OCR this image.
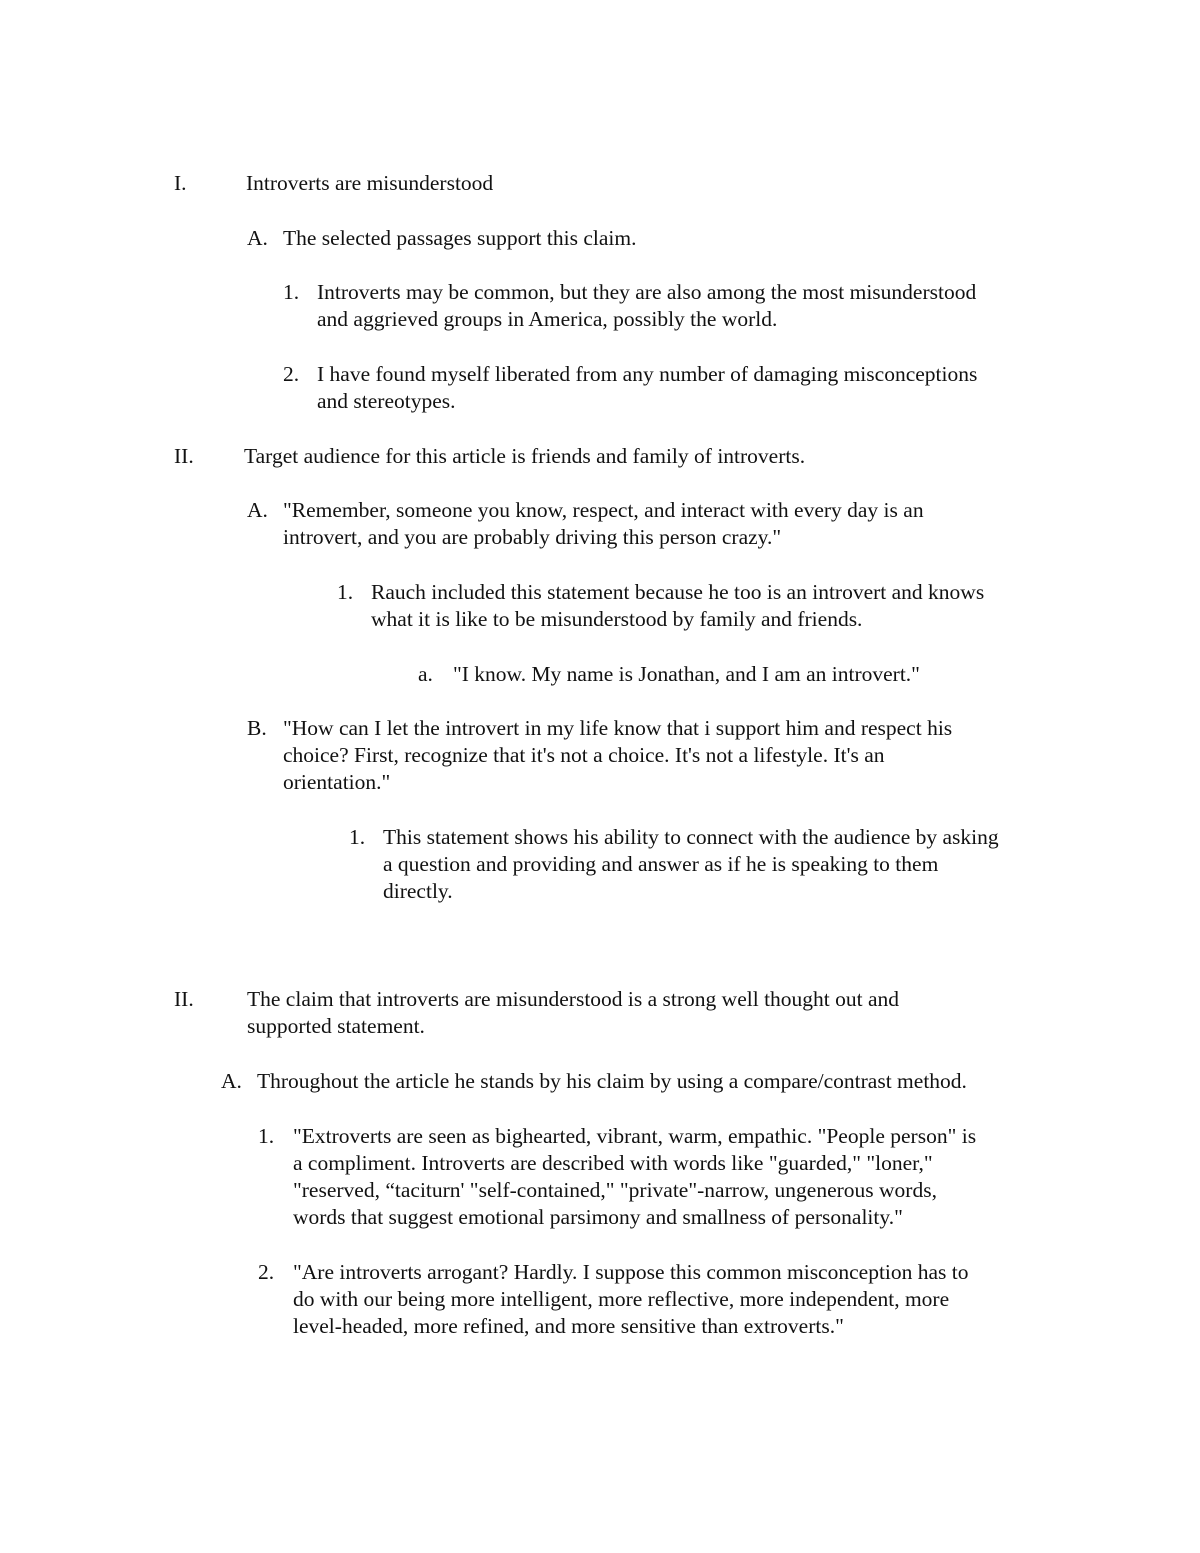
I.	Introverts are misunderstood
A. The selected passages support this claim.
1. Introverts may be common, but they are also among the most misunderstood
and aggrieved groups in America, possibly the world.
2. I have found myself liberated from any number of damaging misconceptions
and stereotypes.
II. Target audience for this article is friends and family of introverts.
A. "Remember, someone you know, respect, and interact with every day is an
introvert, and you are probably driving this person crazy."
1. Rauch included this statement because he too is an introvert and knows
what it is like to be misunderstood by family and friends.
a. "I know. My name is Jonathan, and I am an introvert."
B. "How can I let the introvert in my life know that i support him and respect his
choice? First, recognize that it's not a choice. It's not a lifestyle. It's an
orientation."
1. This statement shows his ability to connect with the audience by asking
a question and providing and answer as if he is speaking to them
directly.
II. The claim that introverts are misunderstood is a strong well thought out and
supported statement.
A. Throughout the article he stands by his claim by using a compare/contrast method.
1. "Extroverts are seen as bighearted, vibrant, warm, empathic. "People person" is
a compliment. Introverts are described with words like "guarded," "loner,"
"reserved, “taciturn' "self-contained," "private"-narrow, ungenerous words,
words that suggest emotional parsimony and smallness of personality."
2. "Are introverts arrogant? Hardly. I suppose this common misconception has to
do with our being more intelligent, more reflective, more independent, more
level-headed, more refined, and more sensitive than extroverts."
